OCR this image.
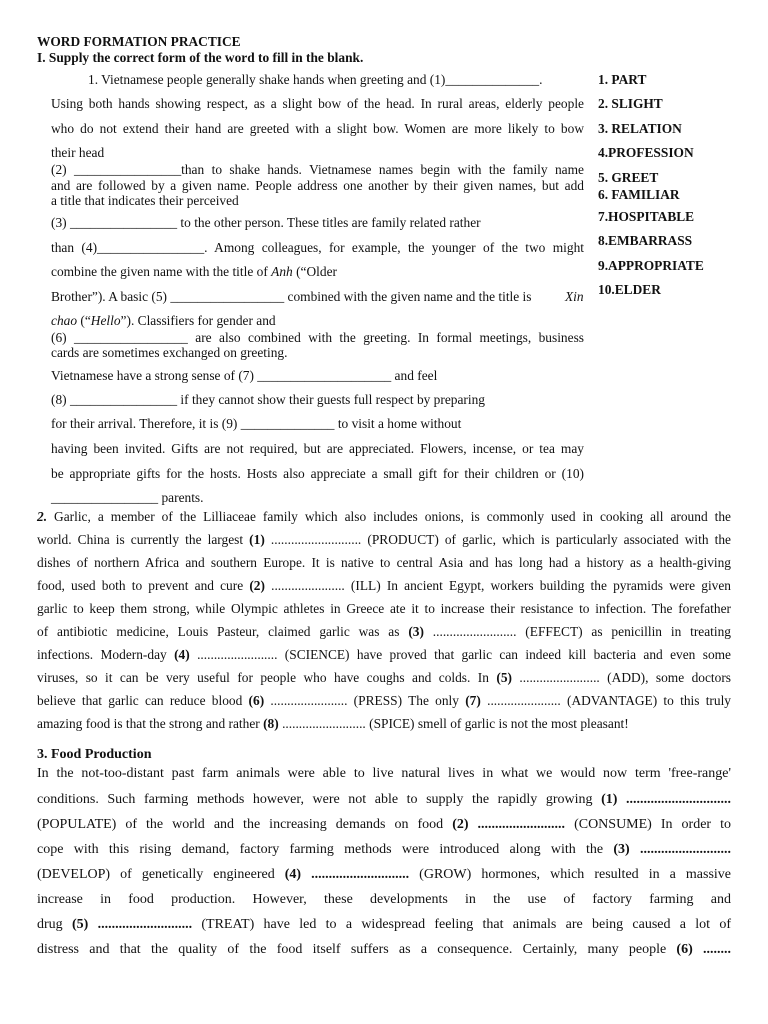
WORD FORMATION PRACTICE
I. Supply the correct form of the word to fill in the blank.
1. Vietnamese people generally shake hands when greeting and (1)______________.
Using both hands showing respect, as a slight bow of the head. In rural areas, elderly people
who do not extend their hand are greeted with a slight bow. Women are more likely to bow
their head
(2) ________________than to shake hands. Vietnamese names begin with the family name
and are followed by a given name. People address one another by their given names, but add
a title that indicates their perceived
(3) ________________ to the other person. These titles are family related rather
than (4)________________. Among colleagues, for example, the younger of the two might
combine the given name with the title of Anh (“Older
Brother”). A basic (5) _________________ combined with the given name and the title is	Xin
chao (“Hello”). Classifiers for gender and
(6) _________________ are also combined with the greeting. In formal meetings, business
cards are sometimes exchanged on greeting.
Vietnamese have a strong sense of (7) ____________________ and feel
(8) ________________ if they cannot show their guests full respect by preparing
for their arrival. Therefore, it is (9) ______________ to visit a home without
having been invited. Gifts are not required, but are appreciated. Flowers, incense, or tea may
be appropriate gifts for the hosts. Hosts also appreciate a small gift for their children or (10)
________________ parents.
1. PART
2. SLIGHT
3. RELATION
4.PROFESSION
5. GREET
6. FAMILIAR
7.HOSPITABLE
8.EMBARRASS
9.APPROPRIATE
10.ELDER
2. Garlic, a member of the Lilliaceae family which also includes onions, is commonly used in cooking all around the
world. China is currently the largest (1) ........................... (PRODUCT) of garlic, which is particularly associated with the
dishes of northern Africa and southern Europe. It is native to central Asia and has long had a history as a health-giving
food, used both to prevent and cure (2) ...................... (ILL) In ancient Egypt, workers building the pyramids were given
garlic to keep them strong, while Olympic athletes in Greece ate it to increase their resistance to infection. The forefather
of antibiotic medicine, Louis Pasteur, claimed garlic was as (3) ......................... (EFFECT) as penicillin in treating
infections. Modern-day (4) ........................ (SCIENCE) have proved that garlic can indeed kill bacteria and even some
viruses, so it can be very useful for people who have coughs and colds. In (5) ........................ (ADD), some doctors
believe that garlic can reduce blood (6) ....................... (PRESS) The only (7) ...................... (ADVANTAGE) to this truly
amazing food is that the strong and rather (8) ......................... (SPICE) smell of garlic is not the most pleasant!
3. Food Production
In the not-too-distant past farm animals were able to live natural lives in what we would now term 'free-range'
conditions. Such farming methods however, were not able to supply the rapidly growing (1) ..............................
(POPULATE) of the world and the increasing demands on food (2) ......................... (CONSUME) In order to
cope with this rising demand, factory farming methods were introduced along with the (3) ..........................
(DEVELOP) of genetically engineered (4) ............................ (GROW) hormones, which resulted in a massive
increase in food production. However, these developments in the use of factory farming and
drug (5) ........................... (TREAT) have led to a widespread feeling that animals are being caused a lot of
distress and that the quality of the food itself suffers as a consequence. Certainly, many people (6) ........
